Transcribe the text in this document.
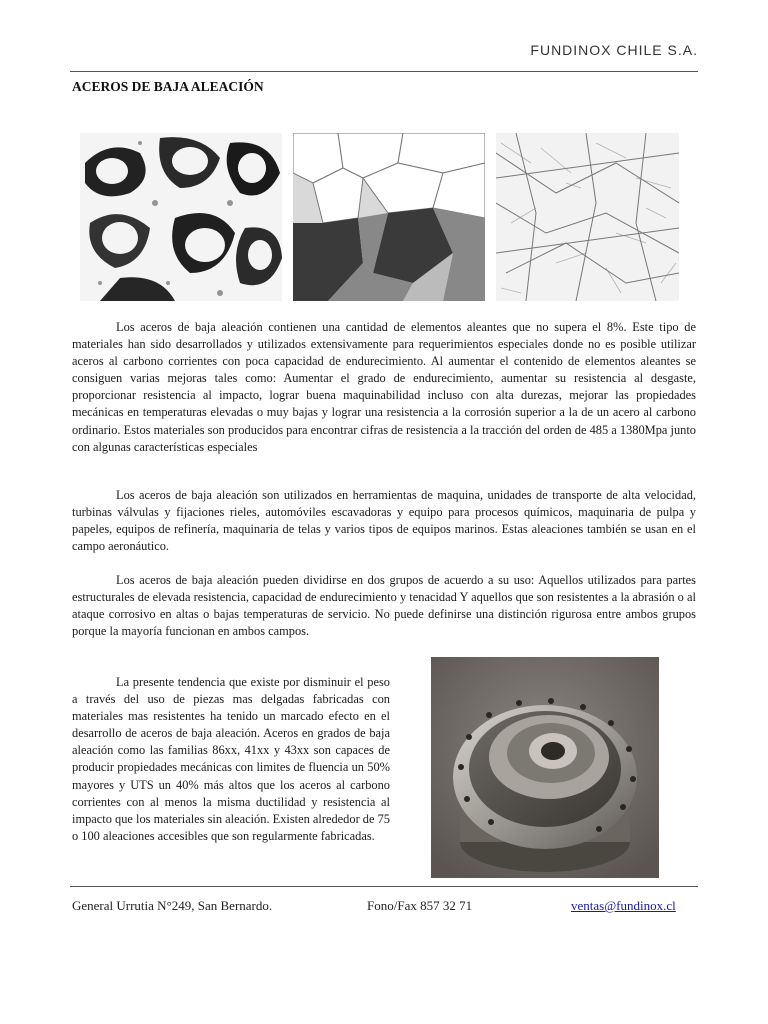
FUNDINOX CHILE S.A.
ACEROS DE BAJA ALEACIÓN

Los aceros de baja aleación contienen una cantidad de elementos aleantes que no supera el 8%. Este tipo de materiales han sido desarrollados y utilizados extensivamente para requerimientos especiales donde no es posible utilizar aceros al carbono corrientes con poca capacidad de endurecimiento. Al aumentar el contenido de elementos aleantes se consiguen varias mejoras tales como: Aumentar el grado de endurecimiento, aumentar su resistencia al desgaste, proporcionar resistencia al impacto, lograr buena maquinabilidad incluso con alta durezas, mejorar las propiedades mecánicas en temperaturas elevadas o muy bajas y lograr una resistencia a la corrosión superior a la de un acero al carbono ordinario. Estos materiales son producidos para encontrar cifras de resistencia a la tracción del orden de 485 a 1380Mpa junto con algunas características especiales

Los aceros de baja aleación son utilizados en herramientas de maquina, unidades de transporte de alta velocidad, turbinas válvulas y fijaciones rieles, automóviles escavadoras y equipo para procesos químicos, maquinaria de pulpa y papeles, equipos de refinería, maquinaria de telas y varios tipos de equipos marinos. Estas aleaciones también se usan en el campo aeronáutico.

Los aceros de baja aleación pueden dividirse en dos grupos de acuerdo a su uso: Aquellos utilizados para partes estructurales de elevada resistencia, capacidad de endurecimiento y tenacidad Y aquellos que son resistentes a la abrasión o al ataque corrosivo en altas o bajas temperaturas de servicio. No puede definirse una distinción rigurosa entre ambos grupos porque la mayoría funcionan en ambos campos.

La presente tendencia que existe por disminuir el peso a través del uso de piezas mas delgadas fabricadas con materiales mas resistentes ha tenido un marcado efecto en el desarrollo de aceros de baja aleación. Aceros en grados de baja aleación como las familias 86xx, 41xx y 43xx son capaces de producir propiedades mecánicas con limites de fluencia un 50% mayores y UTS un 40% más altos que los aceros al carbono corrientes con al menos la misma ductilidad y resistencia al impacto que los materiales sin aleación. Existen alrededor de 75 o 100 aleaciones accesibles que son regularmente fabricadas.

General Urrutia N°249, San Bernardo.	Fono/Fax 857 32 71	ventas@fundinox.cl
